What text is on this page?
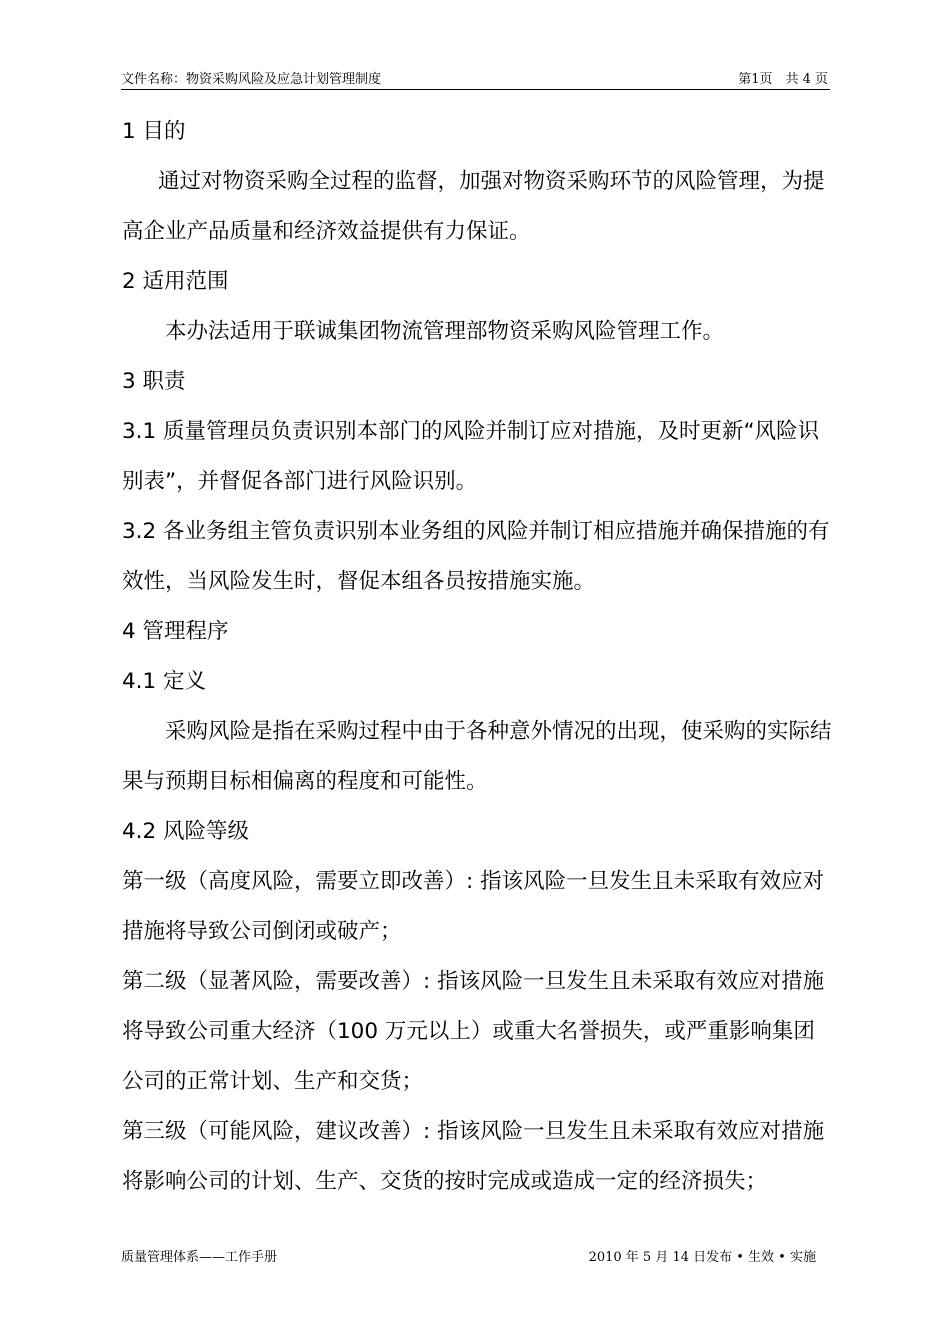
文件名称：物资采购风险及应急计划管理制度	第1页　共 4 页

1 目的

通过对物资采购全过程的监督，加强对物资采购环节的风险管理，为提高企业产品质量和经济效益提供有力保证。

2 适用范围

本办法适用于联诚集团物流管理部物资采购风险管理工作。

3 职责

3.1 质量管理员负责识别本部门的风险并制订应对措施，及时更新“风险识别表”，并督促各部门进行风险识别。

3.2 各业务组主管负责识别本业务组的风险并制订相应措施并确保措施的有效性，当风险发生时，督促本组各员按措施实施。

4 管理程序

4.1 定义

采购风险是指在采购过程中由于各种意外情况的出现，使采购的实际结果与预期目标相偏离的程度和可能性。

4.2 风险等级

第一级（高度风险，需要立即改善）: 指该风险一旦发生且未采取有效应对措施将导致公司倒闭或破产；

第二级（显著风险，需要改善）: 指该风险一旦发生且未采取有效应对措施将导致公司重大经济（100 万元以上）或重大名誉损失，或严重影响集团公司的正常计划、生产和交货；

第三级（可能风险，建议改善）: 指该风险一旦发生且未采取有效应对措施将影响公司的计划、生产、交货的按时完成或造成一定的经济损失；

质量管理体系——工作手册	2010 年 5 月 14 日发布 • 生效 • 实施
